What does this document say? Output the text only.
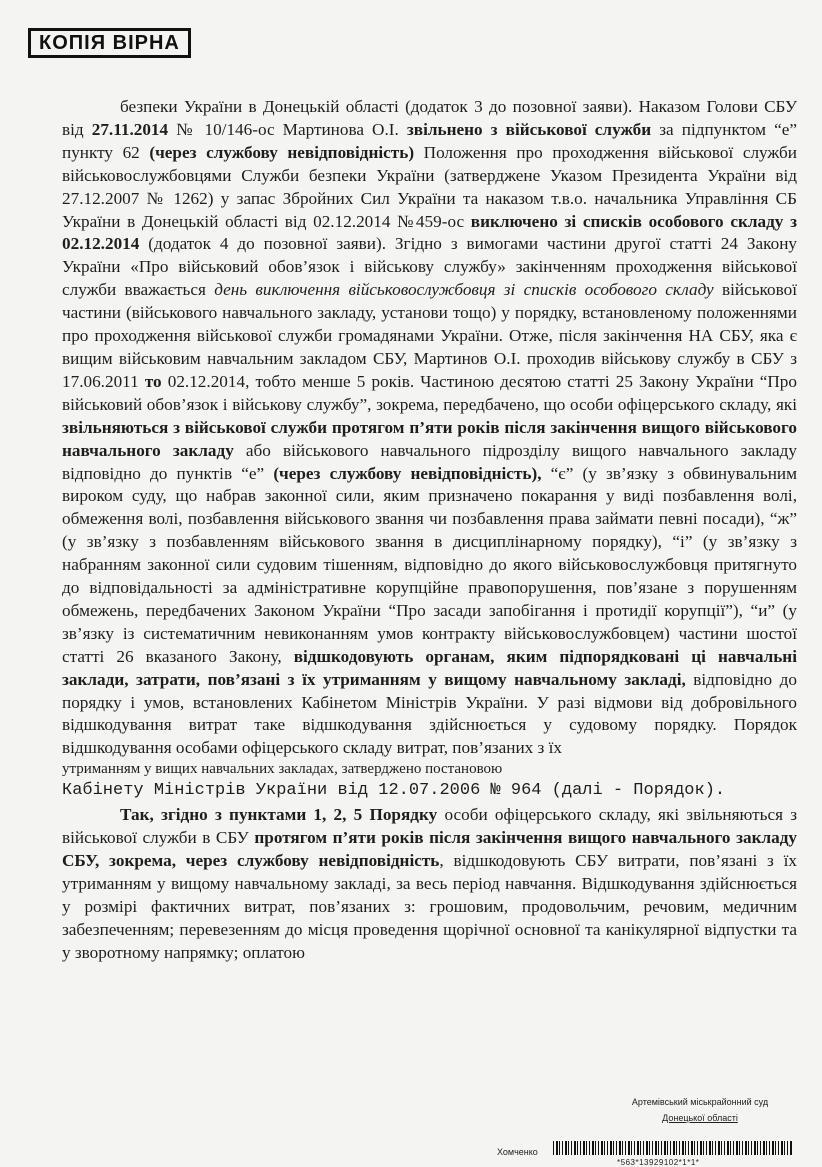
КОПІЯ ВІРНА

безпеки України в Донецькій області (додаток 3 до позовної заяви). Наказом Голови СБУ від 27.11.2014 № 10/146-ос Мартинова О.І. звільнено з військової служби за підпунктом “е” пункту 62 (через службову невідповідність) Положення про проходження військової служби військовослужбовцями Служби безпеки України (затверджене Указом Президента України від 27.12.2007 № 1262) у запас Збройних Сил України та наказом т.в.о. начальника Управління СБ України в Донецькій області від 02.12.2014 №459-ос виключено зі списків особового складу з 02.12.2014 (додаток 4 до позовної заяви). Згідно з вимогами частини другої статті 24 Закону України «Про військовий обов’язок і військову службу» закінченням проходження військової служби вважається день виключення військовослужбовця зі списків особового складу військової частини (військового навчального закладу, установи тощо) у порядку, встановленому положеннями про проходження військової служби громадянами України. Отже, після закінчення НА СБУ, яка є вищим військовим навчальним закладом СБУ, Мартинов О.І. проходив військову службу в СБУ з 17.06.2011 то 02.12.2014, тобто менше 5 років. Частиною десятою статті 25 Закону України “Про військовий обов’язок і військову службу”, зокрема, передбачено, що особи офіцерського складу, які звільняються з військової служби протягом п’яти років після закінчення вищого військового навчального закладу або військового навчального підрозділу вищого навчального закладу відповідно до пунктів “е” (через службову невідповідність), “є” (у зв’язку з обвинувальним вироком суду, що набрав законної сили, яким призначено покарання у виді позбавлення волі, обмеження волі, позбавлення військового звання чи позбавлення права займати певні посади), “ж” (у зв’язку з позбавленням військового звання в дисциплінарному порядку), “і” (у зв’язку з набранням законної сили судовим тішенням, відповідно до якого військовослужбовця притягнуто до відповідальності за адміністративне корупційне правопорушення, пов’язане з порушенням обмежень, передбачених Законом України “Про засади запобігання і протидії корупції”), “и” (у зв’язку із систематичним невиконанням умов контракту військовослужбовцем) частини шостої статті 26 вказаного Закону, відшкодовують органам, яким підпорядковані ці навчальні заклади, затрати, пов’язані з їх утриманням у вищому навчальному закладі, відповідно до порядку і умов, встановлених Кабінетом Міністрів України. У разі відмови від добровільного відшкодування витрат таке відшкодування здійснюється у судовому порядку. Порядок відшкодування особами офіцерського складу витрат, пов’язаних з їх

утриманням у вищих навчальних закладах, затверджено постановою

Кабінету Міністрів України від 12.07.2006 № 964 (далі - Порядок).

Так, згідно з пунктами 1, 2, 5 Порядку особи офіцерського складу, які звільняються з військової служби в СБУ протягом п’яти років після закінчення вищого навчального закладу СБУ, зокрема, через службову невідповідність, відшкодовують СБУ витрати, пов’язані з їх утриманням у вищому навчальному закладі, за весь період навчання. Відшкодування здійснюється у розмірі фактичних витрат, пов’язаних з: грошовим, продовольчим, речовим, медичним забезпеченням; перевезенням до місця проведення щорічної основної та канікулярної відпустки та у зворотному напрямку; оплатою

Артемівський міськрайонний суд
Донецької області
Хомченко
*563*13929102*1*1*
